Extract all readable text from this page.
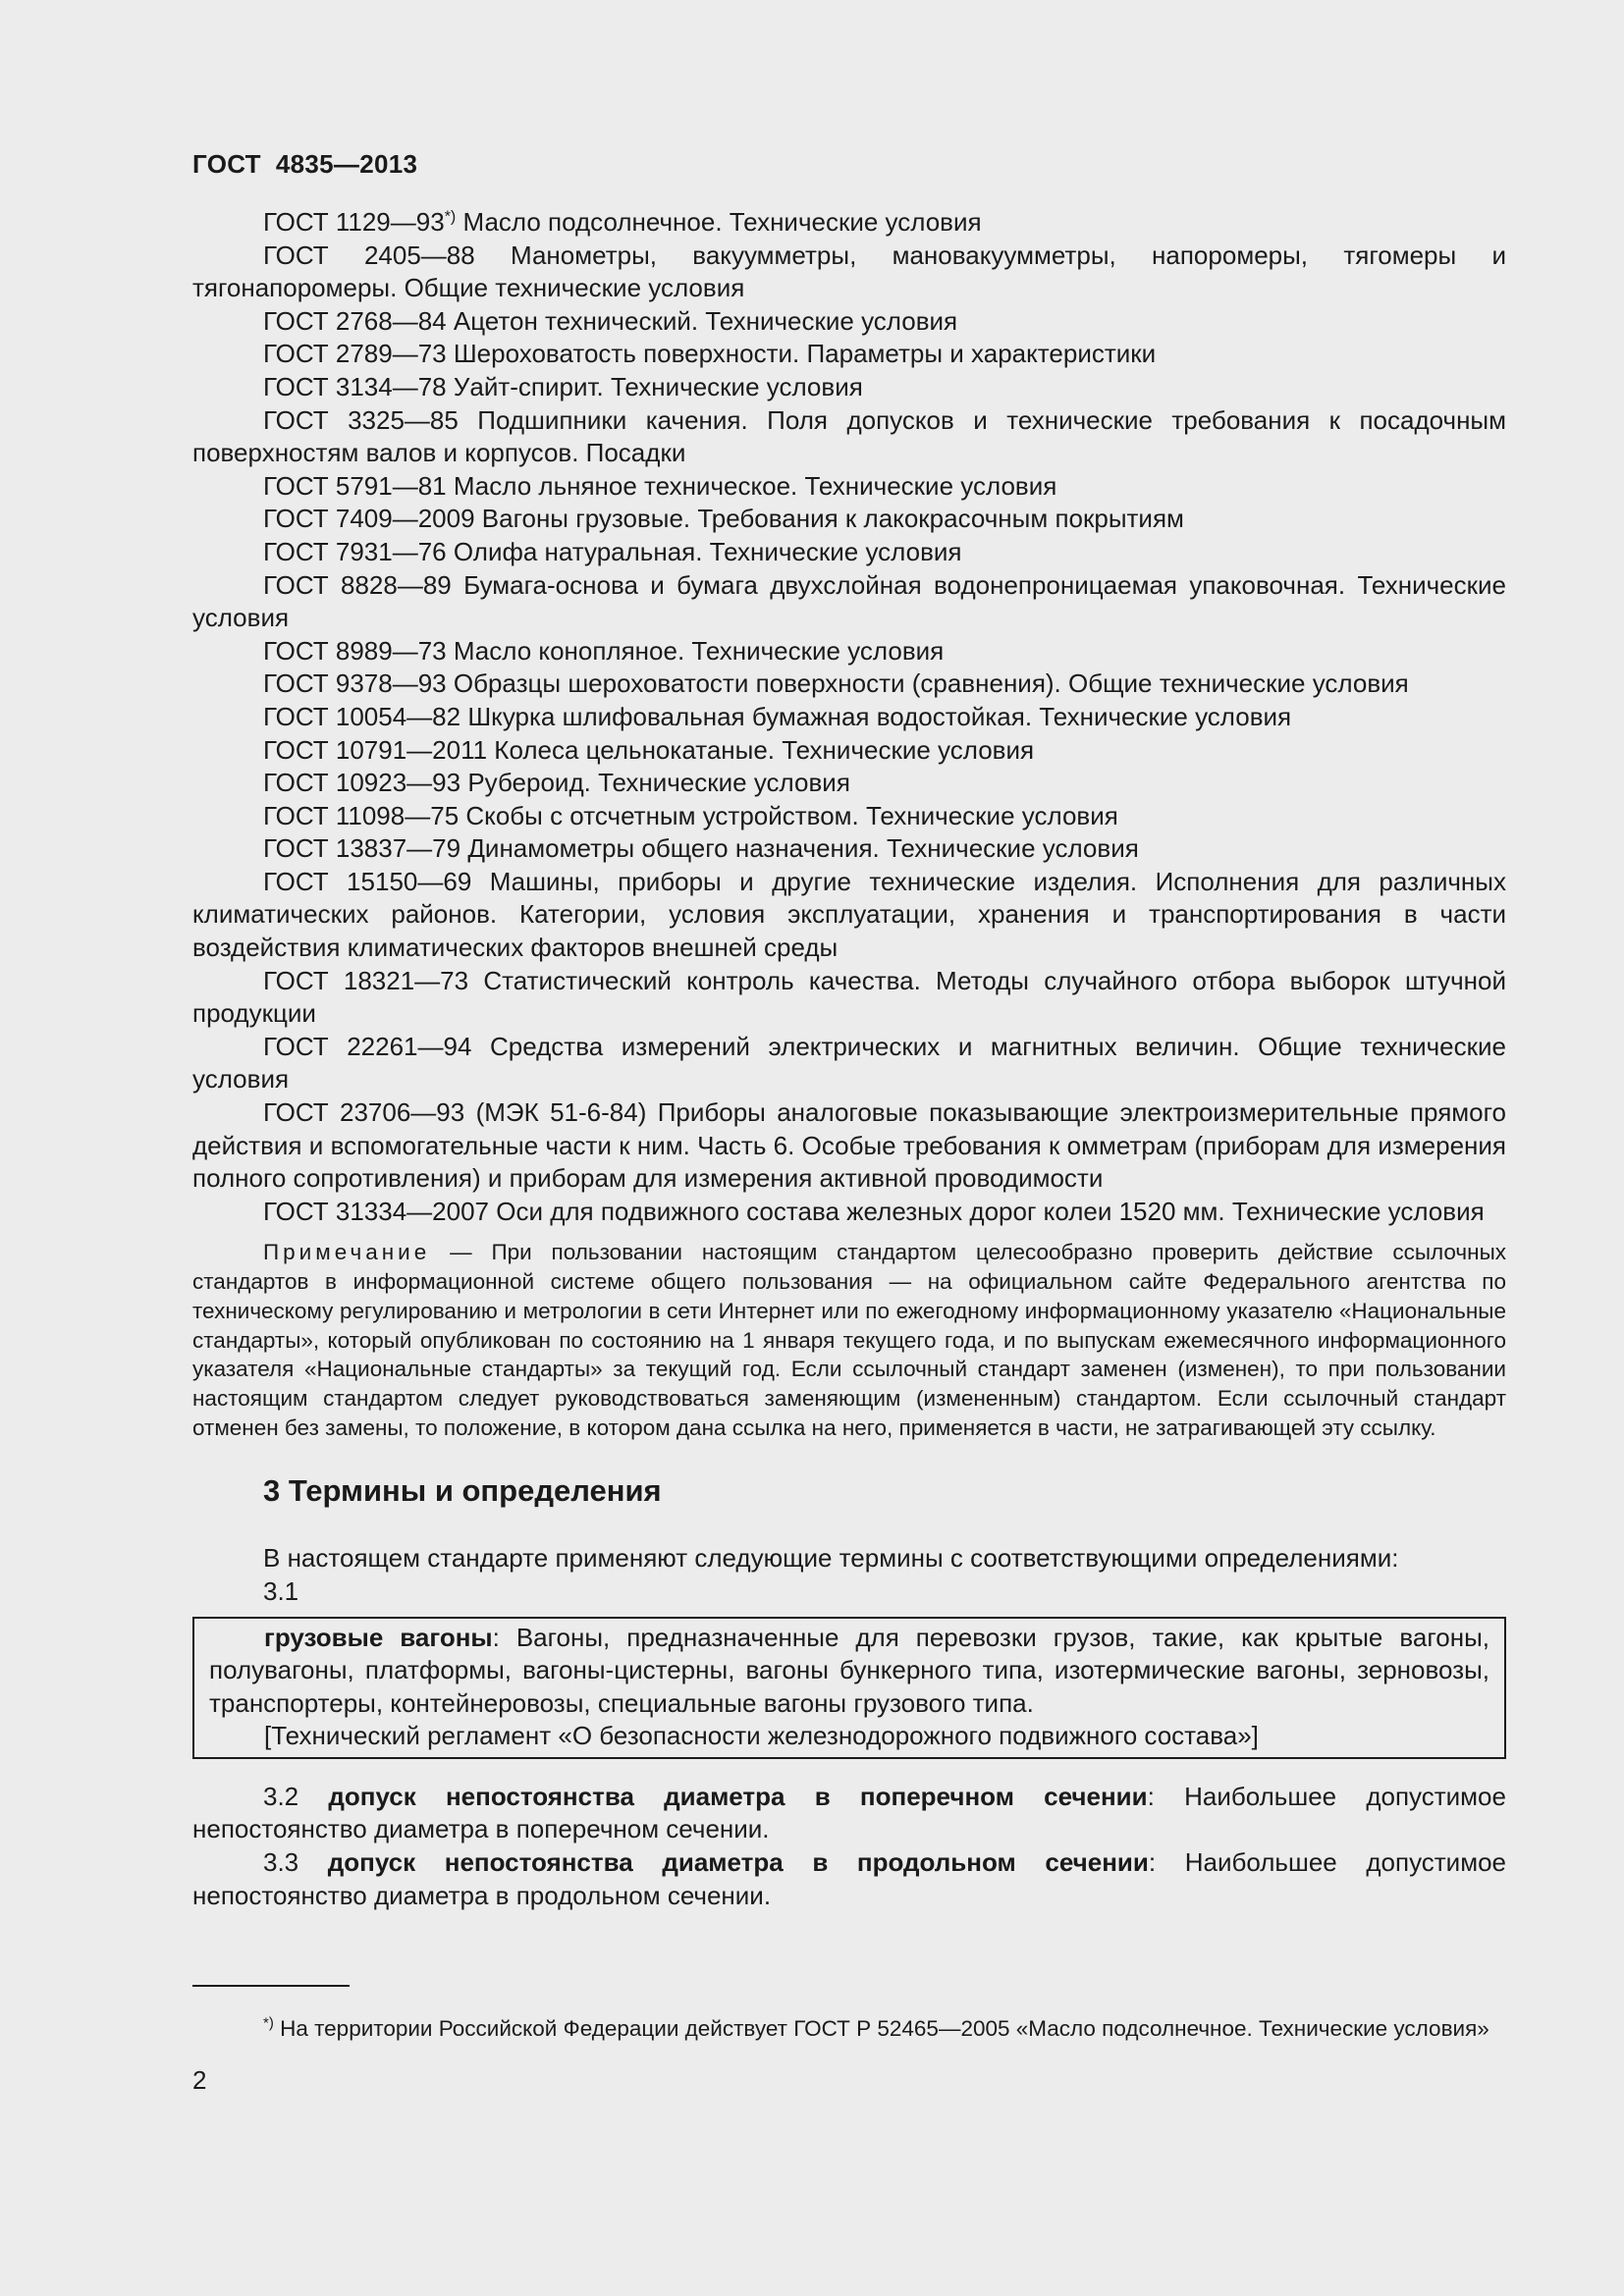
ГОСТ  4835—2013

ГОСТ 1129—93*) Масло подсолнечное. Технические условия

ГОСТ 2405—88 Манометры, вакуумметры, мановакуумметры, напоромеры, тягомеры и тягонапоромеры. Общие технические условия

ГОСТ 2768—84 Ацетон технический. Технические условия

ГОСТ 2789—73 Шероховатость поверхности. Параметры и характеристики

ГОСТ 3134—78 Уайт-спирит. Технические условия

ГОСТ 3325—85 Подшипники качения. Поля допусков и технические требования к посадочным поверхностям валов и корпусов. Посадки

ГОСТ 5791—81 Масло льняное техническое. Технические условия

ГОСТ 7409—2009 Вагоны грузовые. Требования к лакокрасочным покрытиям

ГОСТ 7931—76 Олифа натуральная. Технические условия

ГОСТ 8828—89 Бумага-основа и бумага двухслойная водонепроницаемая упаковочная. Технические условия

ГОСТ 8989—73 Масло конопляное. Технические условия

ГОСТ 9378—93 Образцы шероховатости поверхности (сравнения). Общие технические условия

ГОСТ 10054—82 Шкурка шлифовальная бумажная водостойкая. Технические условия

ГОСТ 10791—2011 Колеса цельнокатаные. Технические условия

ГОСТ 10923—93 Рубероид. Технические условия

ГОСТ 11098—75 Скобы с отсчетным устройством. Технические условия

ГОСТ 13837—79 Динамометры общего назначения. Технические условия

ГОСТ 15150—69 Машины, приборы и другие технические изделия. Исполнения для различных климатических районов. Категории, условия эксплуатации, хранения и транспортирования в части воздействия климатических факторов внешней среды

ГОСТ 18321—73 Статистический контроль качества. Методы случайного отбора выборок штучной продукции

ГОСТ 22261—94 Средства измерений электрических и магнитных величин. Общие технические условия

ГОСТ 23706—93 (МЭК 51-6-84) Приборы аналоговые показывающие электроизмерительные прямого действия и вспомогательные части к ним. Часть 6. Особые требования к омметрам (приборам для измерения полного сопротивления) и приборам для измерения активной проводимости

ГОСТ 31334—2007 Оси для подвижного состава железных дорог колеи 1520 мм. Технические условия

Примечание — При пользовании настоящим стандартом целесообразно проверить действие ссылочных стандартов в информационной системе общего пользования — на официальном сайте Федерального агентства по техническому регулированию и метрологии в сети Интернет или по ежегодному информационному указателю «Национальные стандарты», который опубликован по состоянию на 1 января текущего года, и по выпускам ежемесячного информационного указателя «Национальные стандарты» за текущий год. Если ссылочный стандарт заменен (изменен), то при пользовании настоящим стандартом следует руководствоваться заменяющим (измененным) стандартом. Если ссылочный стандарт отменен без замены, то положение, в котором дана ссылка на него, применяется в части, не затрагивающей эту ссылку.

3 Термины и определения

В настоящем стандарте применяют следующие термины с соответствующими определениями:

3.1

грузовые вагоны: Вагоны, предназначенные для перевозки грузов, такие, как крытые вагоны, полувагоны, платформы, вагоны-цистерны, вагоны бункерного типа, изотермические вагоны, зерновозы, транспортеры, контейнеровозы, специальные вагоны грузового типа.

[Технический регламент «О безопасности железнодорожного подвижного состава»]

3.2 допуск непостоянства диаметра в поперечном сечении: Наибольшее допустимое непостоянство диаметра в поперечном сечении.

3.3 допуск непостоянства диаметра в продольном сечении: Наибольшее допустимое непостоянство диаметра в продольном сечении.

*) На территории Российской Федерации действует ГОСТ Р 52465—2005 «Масло подсолнечное. Технические условия»

2
